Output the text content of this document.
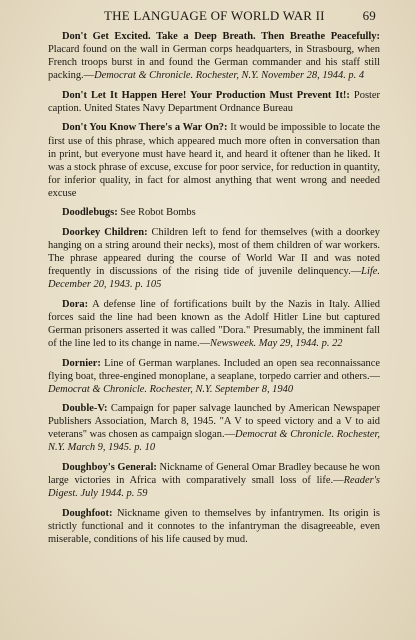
THE LANGUAGE OF WORLD WAR II	69

Don't Get Excited. Take a Deep Breath. Then Breathe Peacefully: Placard found on the wall in German corps headquarters, in Strasbourg, when French troops burst in and found the German commander and his staff still packing.—Democrat & Chronicle. Rochester, N.Y. November 28, 1944. p. 4

Don't Let It Happen Here! Your Production Must Prevent It!: Poster caption. United States Navy Department Ordnance Bureau

Don't You Know There's a War On?: It would be impossible to locate the first use of this phrase, which appeared much more often in conversation than in print, but everyone must have heard it, and heard it oftener than he liked. It was a stock phrase of excuse, excuse for poor service, for reduction in quantity, for inferior quality, in fact for almost anything that went wrong and needed excuse

Doodlebugs: See Robot Bombs

Doorkey Children: Children left to fend for themselves (with a doorkey hanging on a string around their necks), most of them children of war workers. The phrase appeared during the course of World War II and was noted frequently in discussions of the rising tide of juvenile delinquency.—Life. December 20, 1943. p. 105

Dora: A defense line of fortifications built by the Nazis in Italy. Allied forces said the line had been known as the Adolf Hitler Line but captured German prisoners asserted it was called "Dora." Presumably, the imminent fall of the line led to its change in name.—Newsweek. May 29, 1944. p. 22

Dornier: Line of German warplanes. Included an open sea reconnaissance flying boat, three-engined monoplane, a seaplane, torpedo carrier and others.—Democrat & Chronicle. Rochester, N.Y. September 8, 1940

Double-V: Campaign for paper salvage launched by American Newspaper Publishers Association, March 8, 1945. "A V to speed victory and a V to aid veterans" was chosen as campaign slogan.—Democrat & Chronicle. Rochester, N.Y. March 9, 1945. p. 10

Doughboy's General: Nickname of General Omar Bradley because he won large victories in Africa with comparatively small loss of life.—Reader's Digest. July 1944. p. 59

Doughfoot: Nickname given to themselves by infantrymen. Its origin is strictly functional and it connotes to the infantryman the disagreeable, even miserable, conditions of his life caused by mud.
